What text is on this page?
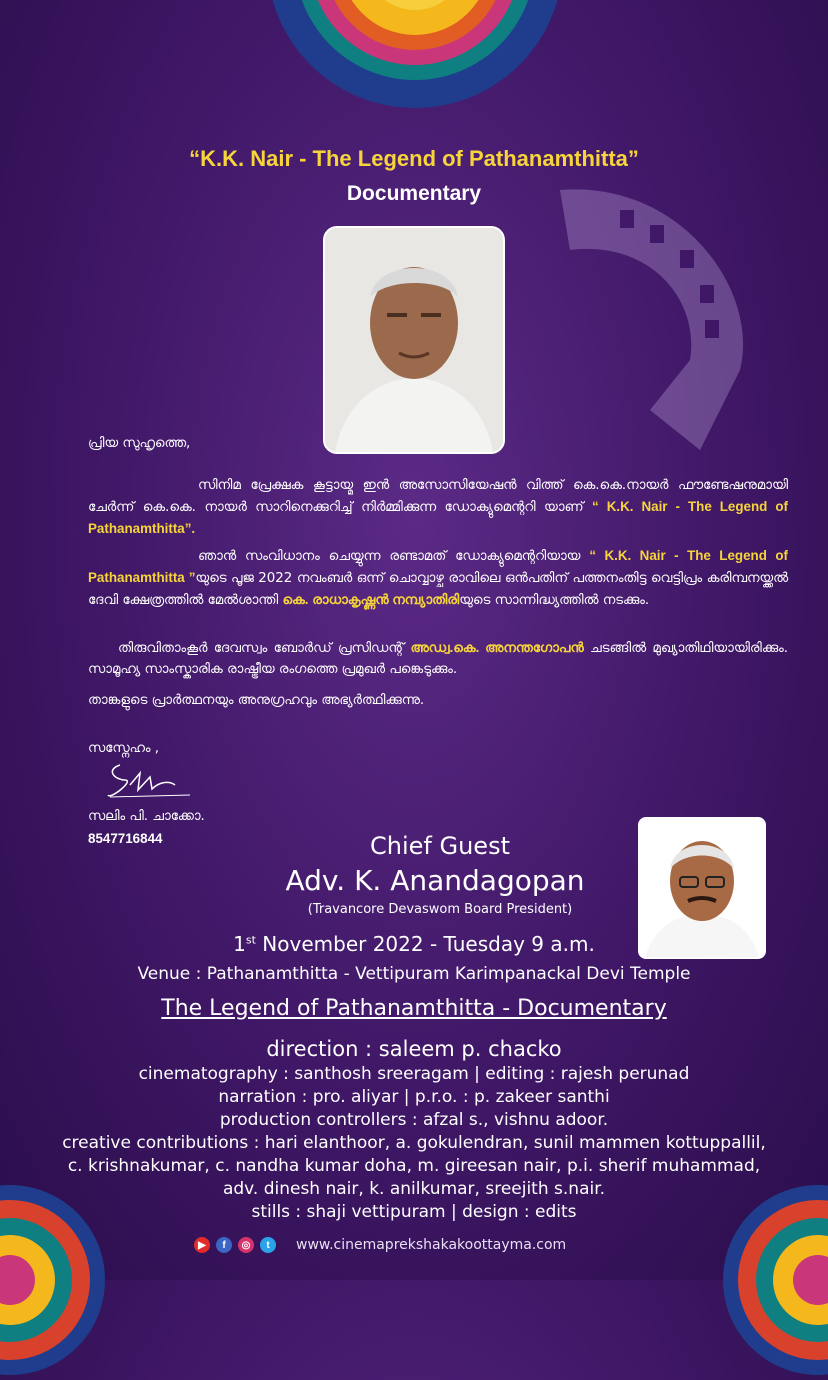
“K.K. Nair - The Legend of Pathanamthitta”
Documentary
പ്രിയ സുഹൃത്തെ,

സിനിമ പ്രേക്ഷക കൂട്ടായ്മ ഇൻ അസോസിയേഷൻ വിത്ത് കെ.കെ.നായർ ഫൗണ്ടേഷനുമായി ചേർന്ന് കെ.കെ. നായർ സാറിനെക്കുറിച്ച് നിർമ്മിക്കുന്ന ഡോക്യുമെന്ററി യാണ് “ K.K. Nair - The Legend of Pathanamthitta”.

ഞാൻ സംവിധാനം ചെയ്യുന്ന രണ്ടാമത് ഡോക്യുമെന്ററിയായ “ K.K. Nair - The Legend of Pathanamthitta ”യുടെ പൂജ 2022 നവംബർ ഒന്ന് ചൊവ്വാഴ്ച രാവിലെ ഒൻപതിന് പത്തനംതിട്ട വെട്ടിപ്രം കരിമ്പനയ്ക്കൽ ദേവി ക്ഷേത്രത്തിൽ മേൽശാന്തി കെ. രാധാകൃഷ്ണൻ നമ്പ്യാതിരിയുടെ സാന്നിദ്ധ്യത്തിൽ നടക്കും.

തിരുവിതാംകൂർ ദേവസ്വം ബോർഡ് പ്രസിഡന്റ് അഡ്വ.കെ. അനന്തഗോപൻ ചടങ്ങിൽ മുഖ്യാതിഥിയായിരിക്കും. സാമൂഹ്യ സാംസ്കാരിക രാഷ്ട്രീയ രംഗത്തെ പ്രമുഖർ പങ്കെടുക്കും.

താങ്കളുടെ പ്രാർത്ഥനയും അനുഗ്രഹവും അഭ്യർത്ഥിക്കുന്നു.
സസ്നേഹം ,
സലിം പി. ചാക്കോ.
8547716844	Chief Guest
Adv. K. Anandagopan
(Travancore Devaswom Board President)
1st November 2022 - Tuesday 9 a.m.
Venue : Pathanamthitta - Vettipuram Karimpanackal Devi Temple
The Legend of Pathanamthitta - Documentary
direction : saleem p. chacko
cinematography : santhosh sreeragam | editing : rajesh perunad
narration : pro. aliyar | p.r.o. : p. zakeer santhi
production controllers : afzal s., vishnu adoor.
creative contributions : hari elanthoor, a. gokulendran, sunil mammen kottuppallil,
c. krishnakumar, c. nandha kumar doha, m. gireesan nair, p.i. sherif muhammad,
adv. dinesh nair, k. anilkumar, sreejith s.nair.
stills : shaji vettipuram | design : edits
▶	f	◎	t	www.cinemaprekshakakoottayma.com
